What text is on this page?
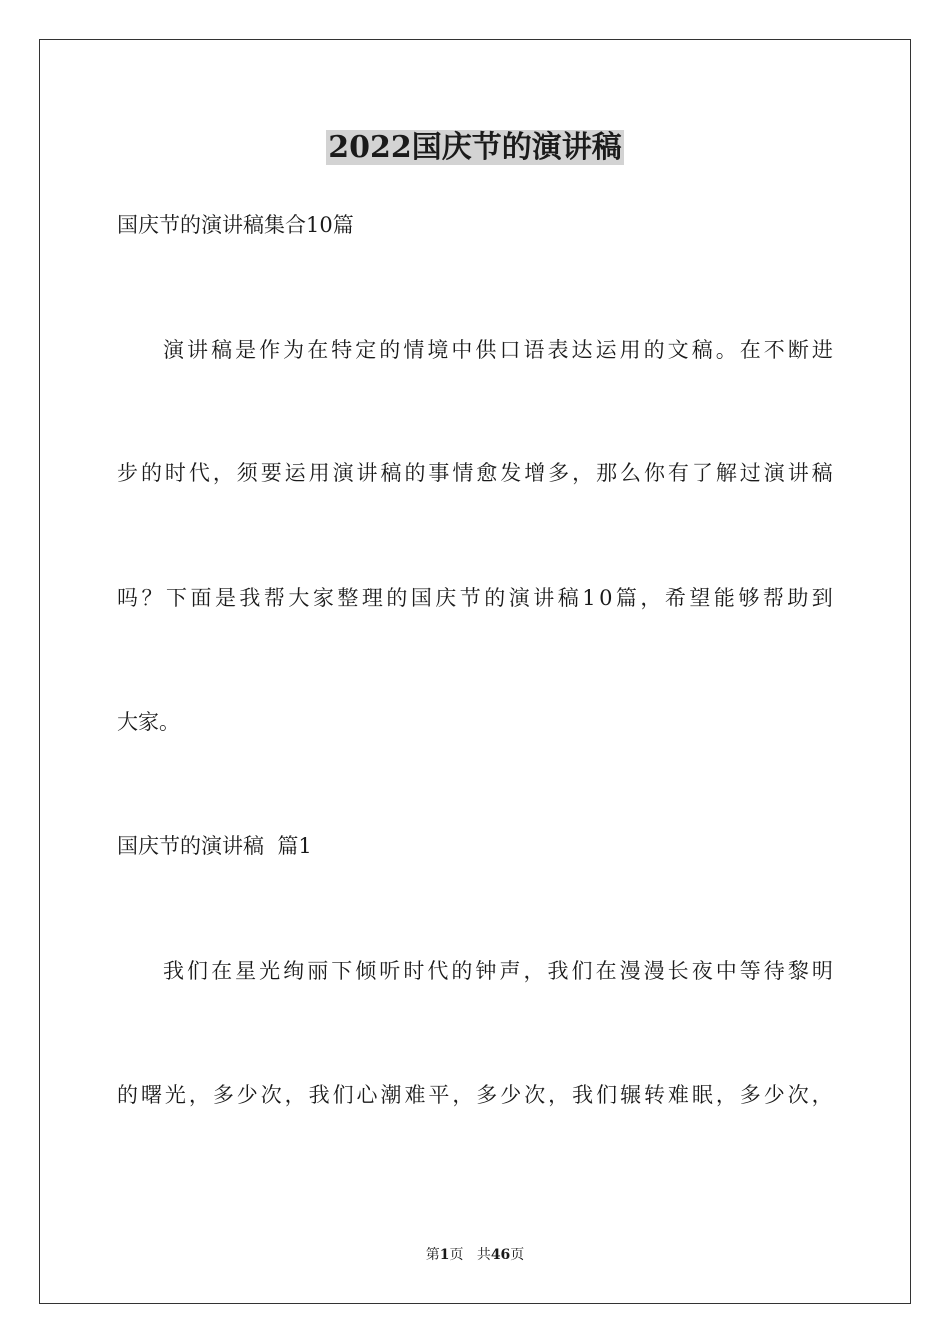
2022国庆节的演讲稿

国庆节的演讲稿集合10篇

演 讲 稿 是 作 为 在 特 定 的 情 境 中 供 口 语 表 达 运 用 的 文 稿 。 在 不 断 进

步 的 时 代 ， 须 要 运 用 演 讲 稿 的 事 情 愈 发 增 多 ， 那 么 你 有 了 解 过 演 讲 稿

吗 ？ 下 面 是 我 帮 大 家 整 理 的 国 庆 节 的 演 讲 稿 1 0 篇 ， 希 望 能 够 帮 助 到

大家。

国庆节的演讲稿  篇1

我 们 在 星 光 绚 丽 下 倾 听 时 代 的 钟 声 ， 我 们 在 漫 漫 长 夜 中 等 待 黎 明

的 曙 光 ， 多 少 次 ， 我 们 心 潮 难 平 ， 多 少 次 ， 我 们 辗 转 难 眠 ， 多 少 次 ，

第1页 共46页
